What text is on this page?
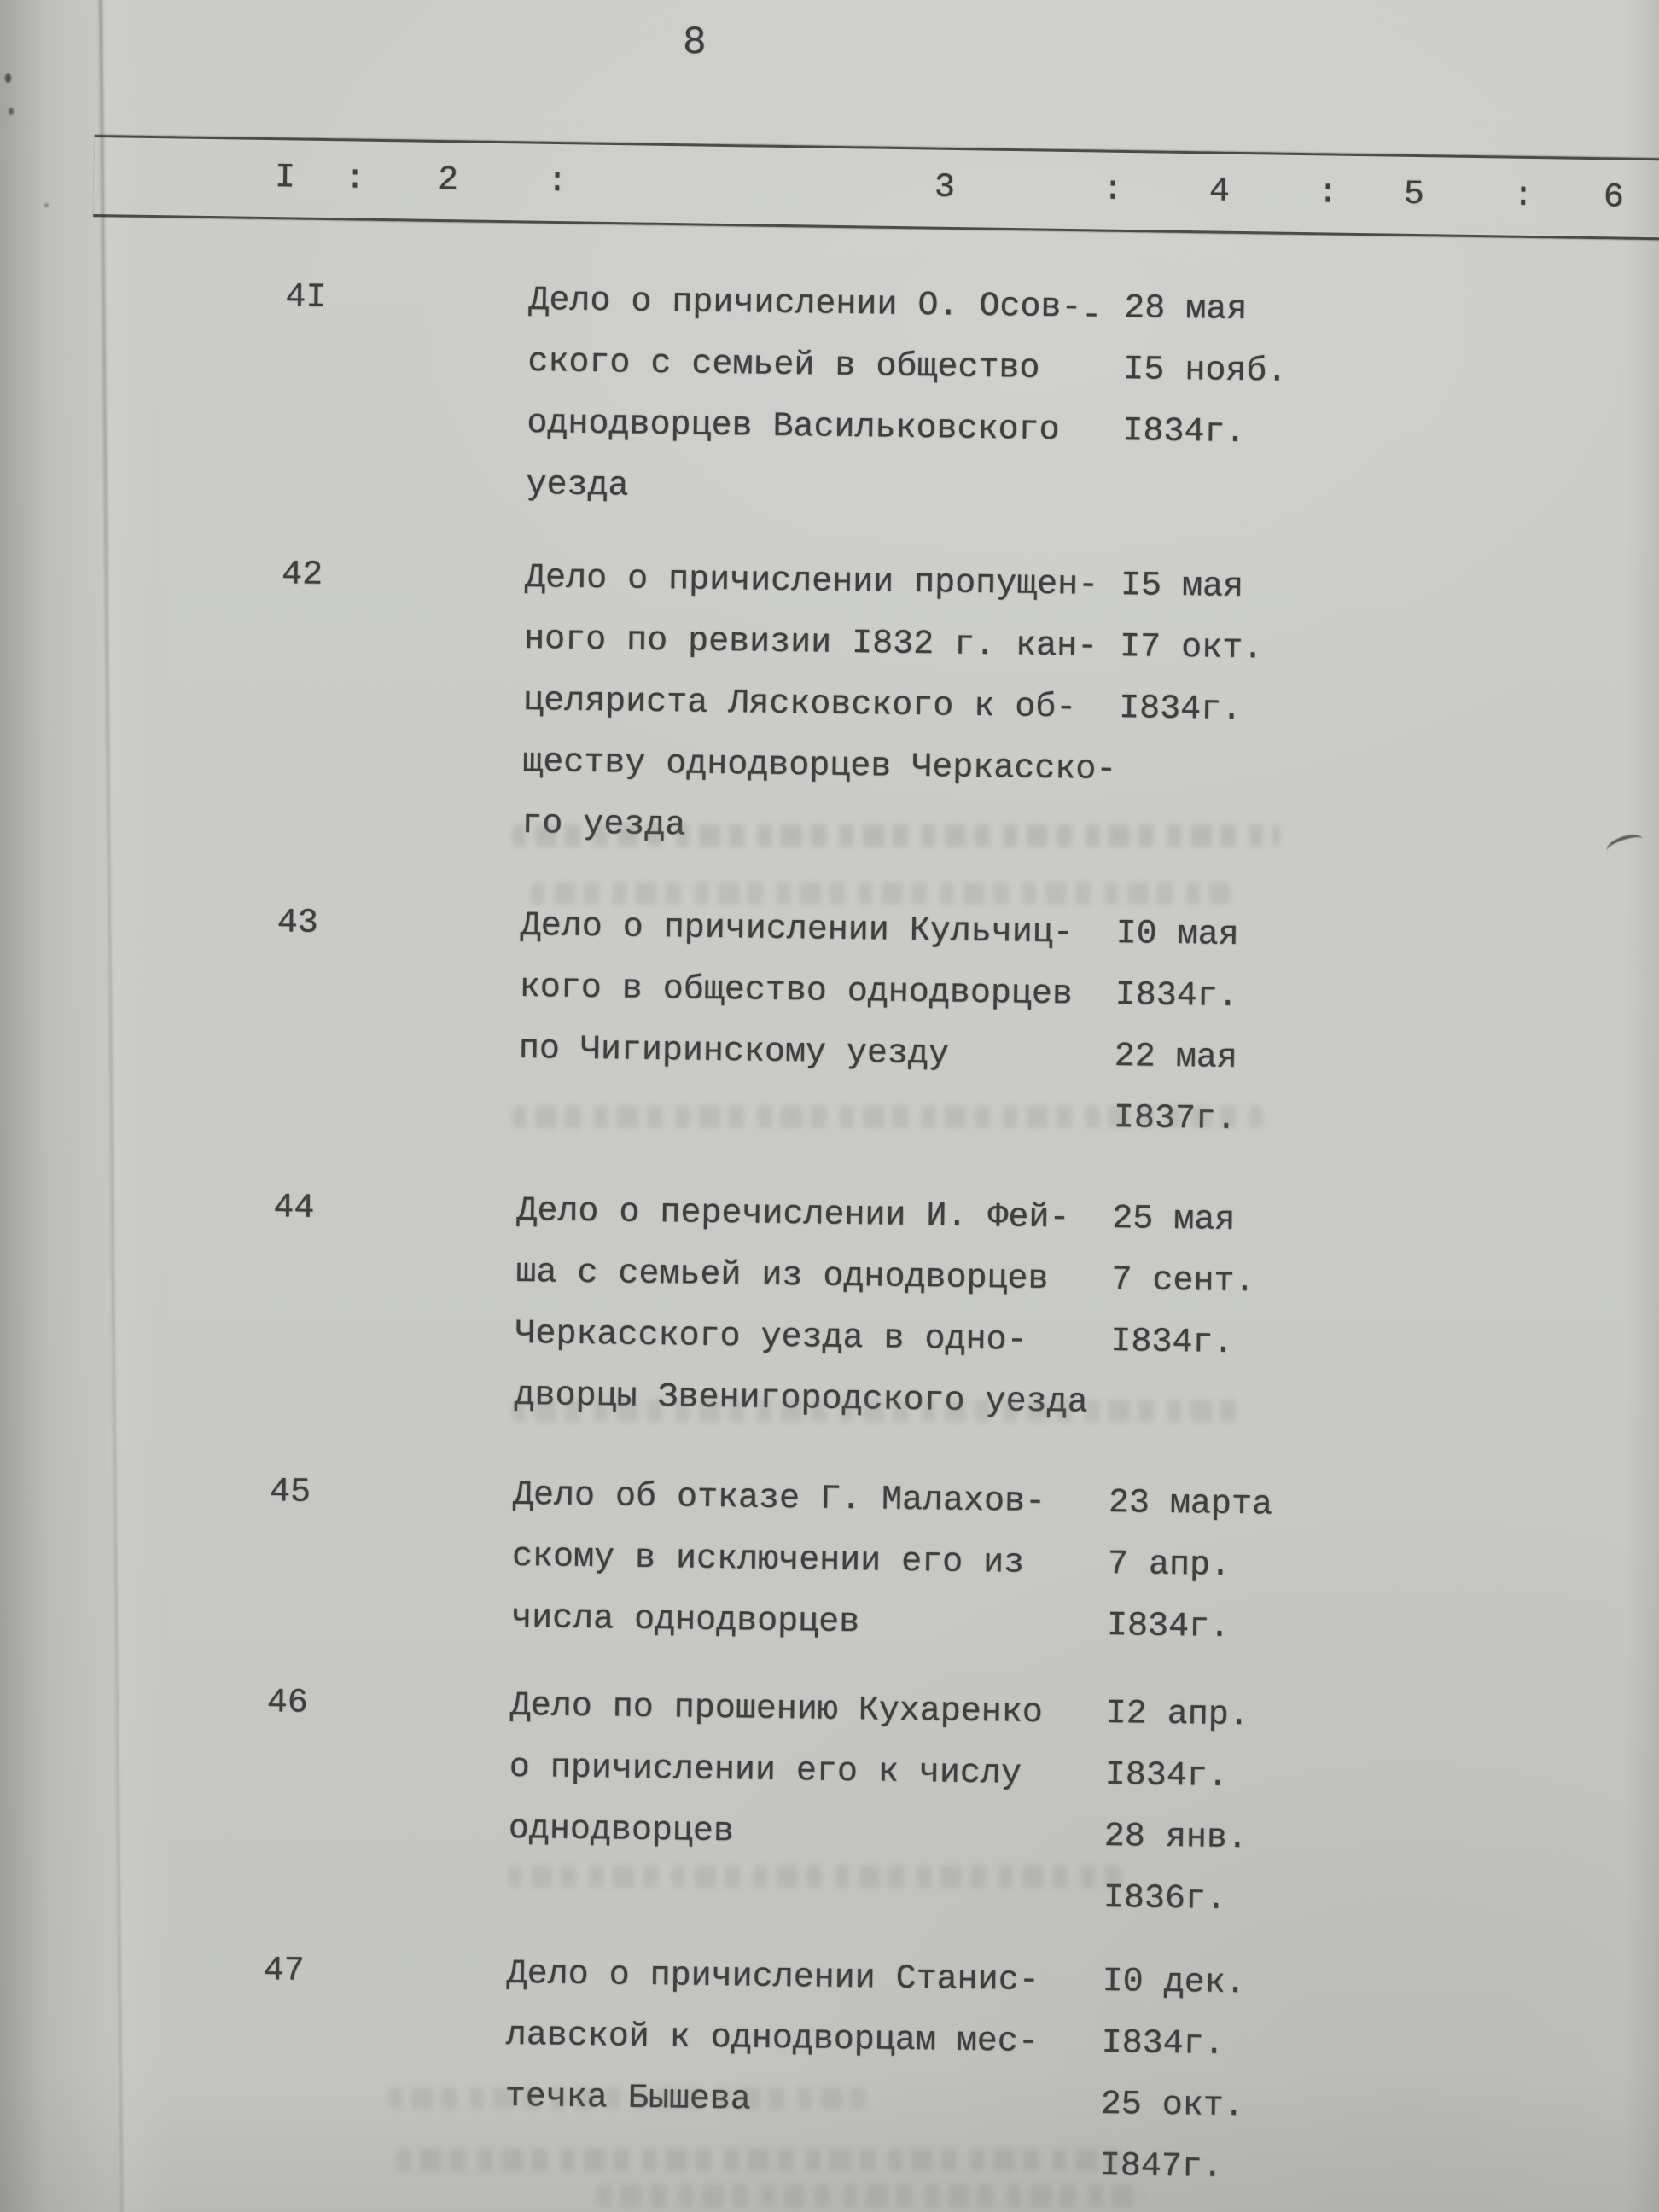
8
I : 2	:	3	:	4	: 5	: 6
-
4I	Дело о причислении О. Осов-
ского с семьей в общество
однодворцев Васильковского
уезда
28 мая
I5 нояб.
I834г.
42	Дело о причислении пропущен-
ного по ревизии I832 г. кан-
целяриста Лясковского к об-
ществу однодворцев Черкасско-
го уезда
I5 мая
I7 окт.
I834г.
43	Дело о причислении Кульчиц-
кого в общество однодворцев
по Чигиринскому уезду
I0 мая
I834г.
22 мая
I837г.
44	Дело о перечислении И. Фей-
ша с семьей из однодворцев
Черкасского уезда в одно-
дворцы Звенигородского уезда
25 мая
7 сент.
I834г.
45	Дело об отказе Г. Малахов-
скому в исключении его из
числа однодворцев
23 марта
7 апр.
I834г.
46	Дело по прошению Кухаренко
о причислении его к числу
однодворцев
I2 апр.
I834г.
28 янв.
I836г.
47	Дело о причислении Станис-
лавской к однодворцам мес-
течка Бышева
I0 дек.
I834г.
25 окт.
I847г.
